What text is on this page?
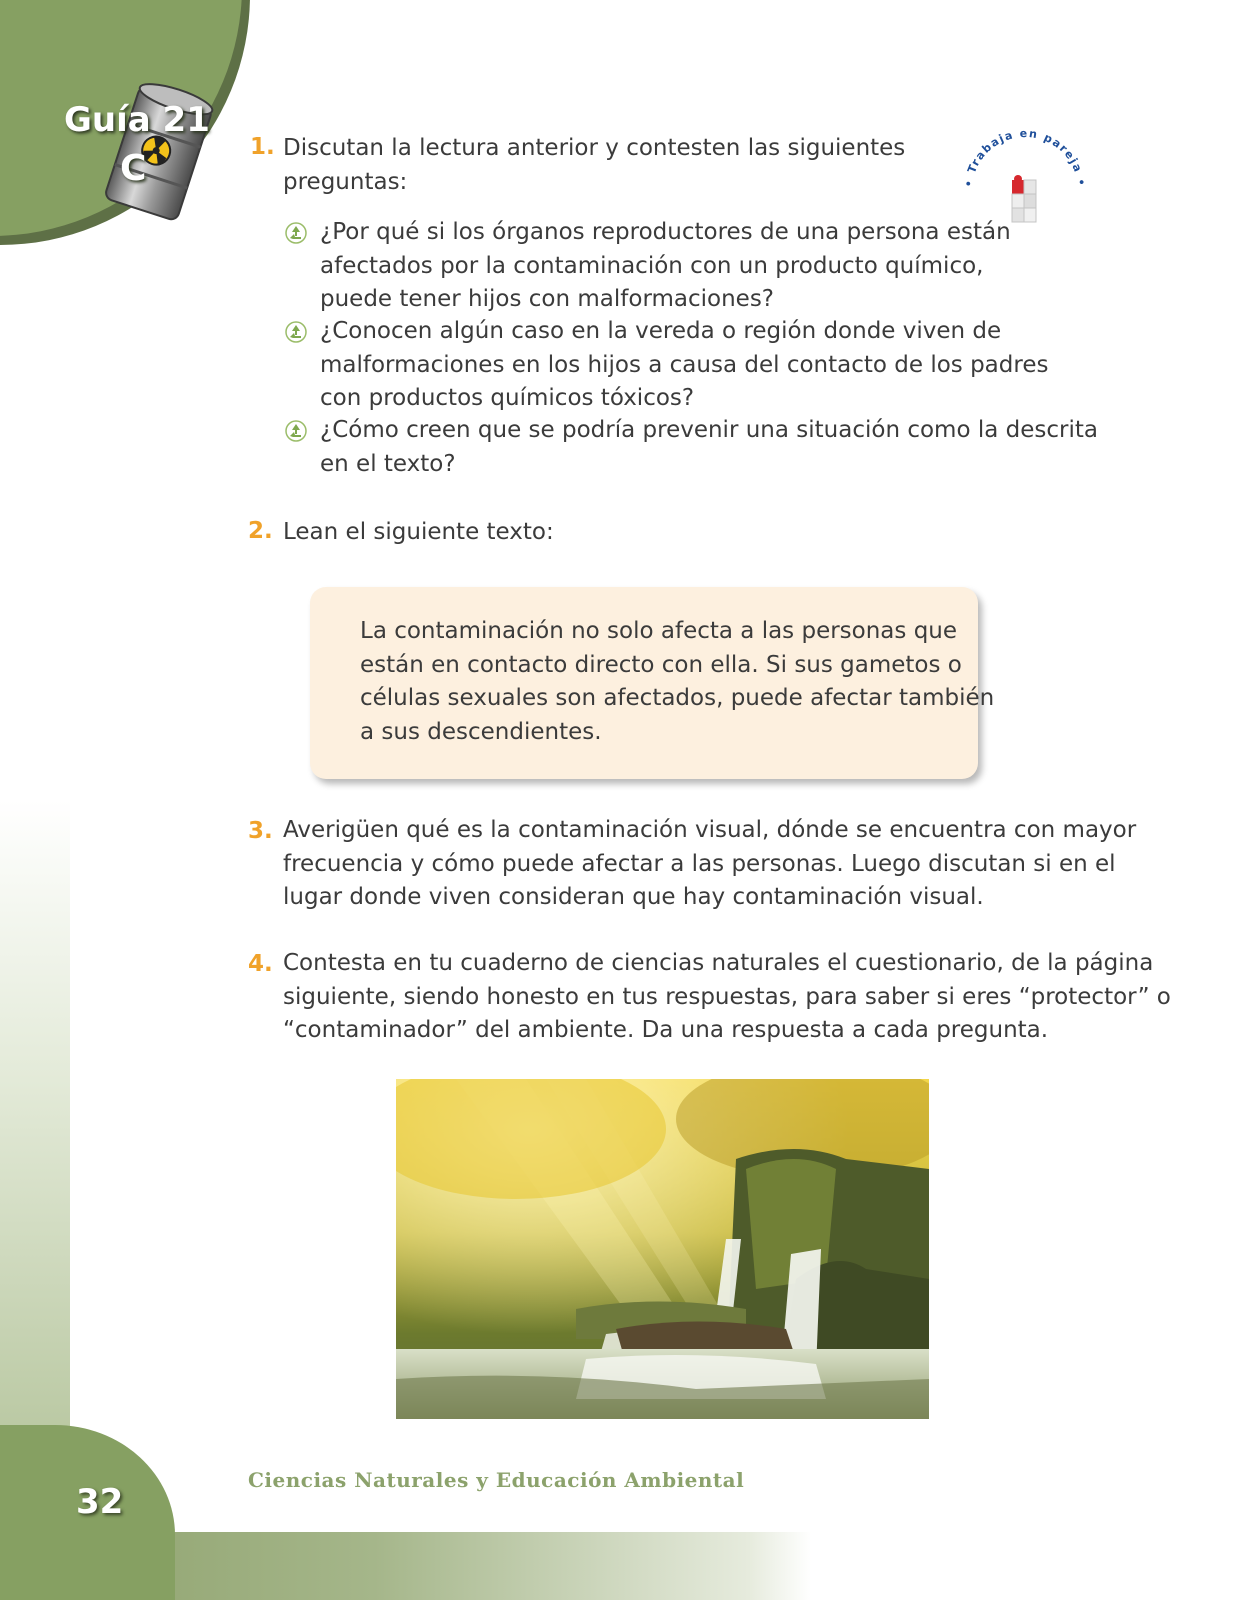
Guía 21
C	• Trabaja en pareja •
1. Discutan la lectura anterior y contesten las siguientes
preguntas:
¿Por qué si los órganos reproductores de una persona están
afectados por la contaminación con un producto químico,
puede tener hijos con malformaciones?
¿Conocen algún caso en la vereda o región donde viven de
malformaciones en los hijos a causa del contacto de los padres
con productos químicos tóxicos?
¿Cómo creen que se podría prevenir una situación como la descrita
en el texto?
2. Lean el siguiente texto:
La contaminación no solo afecta a las personas que
están en contacto directo con ella. Si sus gametos o
células sexuales son afectados, puede afectar también
a sus descendientes.
3. Averigüen qué es la contaminación visual, dónde se encuentra con mayor
frecuencia y cómo puede afectar a las personas. Luego discutan si en el
lugar donde viven consideran que hay contaminación visual.
4. Contesta en tu cuaderno de ciencias naturales el cuestionario, de la página
siguiente, siendo honesto en tus respuestas, para saber si eres “protector” o
“contaminador” del ambiente. Da una respuesta a cada pregunta.
32
Ciencias Naturales y Educación Ambiental
